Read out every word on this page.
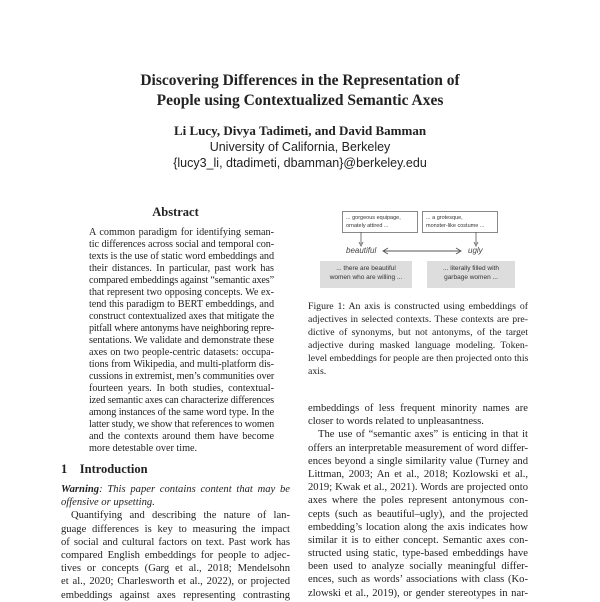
Discovering Differences in the Representation of
People using Contextualized Semantic Axes
Li Lucy, Divya Tadimeti, and David Bamman
University of California, Berkeley
{lucy3_li, dtadimeti, dbamman}@berkeley.edu
Abstract
A common paradigm for identifying seman-
tic differences across social and temporal con-
texts is the use of static word embeddings and
their distances. In particular, past work has
compared embeddings against “semantic axes”
that represent two opposing concepts. We ex-
tend this paradigm to BERT embeddings, and
construct contextualized axes that mitigate the
pitfall where antonyms have neighboring repre-
sentations. We validate and demonstrate these
axes on two people-centric datasets: occupa-
tions from Wikipedia, and multi-platform dis-
cussions in extremist, men’s communities over
fourteen years. In both studies, contextual-
ized semantic axes can characterize differences
among instances of the same word type. In the
latter study, we show that references to women
and the contexts around them have become
more detestable over time.
1 Introduction
Warning: This paper contains content that may be
offensive or upsetting.
Quantifying and describing the nature of lan-
guage differences is key to measuring the impact
of social and cultural factors on text. Past work has
compared English embeddings for people to adjec-
tives or concepts (Garg et al., 2018; Mendelsohn
et al., 2020; Charlesworth et al., 2022), or projected
embeddings against axes representing contrasting
... gorgeous equipage,
ornately attired ...
... a grotesque,
monster-like costume ...
beautiful	ugly
... there are beautiful
women who are willing ...
... literally filled with
garbage women ...
Figure 1: An axis is constructed using embeddings of
adjectives in selected contexts. These contexts are pre-
dictive of synonyms, but not antonyms, of the target
adjective during masked language modeling. Token-
level embeddings for people are then projected onto this
axis.
embeddings of less frequent minority names are
closer to words related to unpleasantness.
The use of “semantic axes” is enticing in that it
offers an interpretable measurement of word differ-
ences beyond a single similarity value (Turney and
Littman, 2003; An et al., 2018; Kozlowski et al.,
2019; Kwak et al., 2021). Words are projected onto
axes where the poles represent antonymous con-
cepts (such as beautiful–ugly), and the projected
embedding’s location along the axis indicates how
similar it is to either concept. Semantic axes con-
structed using static, type-based embeddings have
been used to analyze socially meaningful differ-
ences, such as words’ associations with class (Ko-
zlowski et al., 2019), or gender stereotypes in nar-
